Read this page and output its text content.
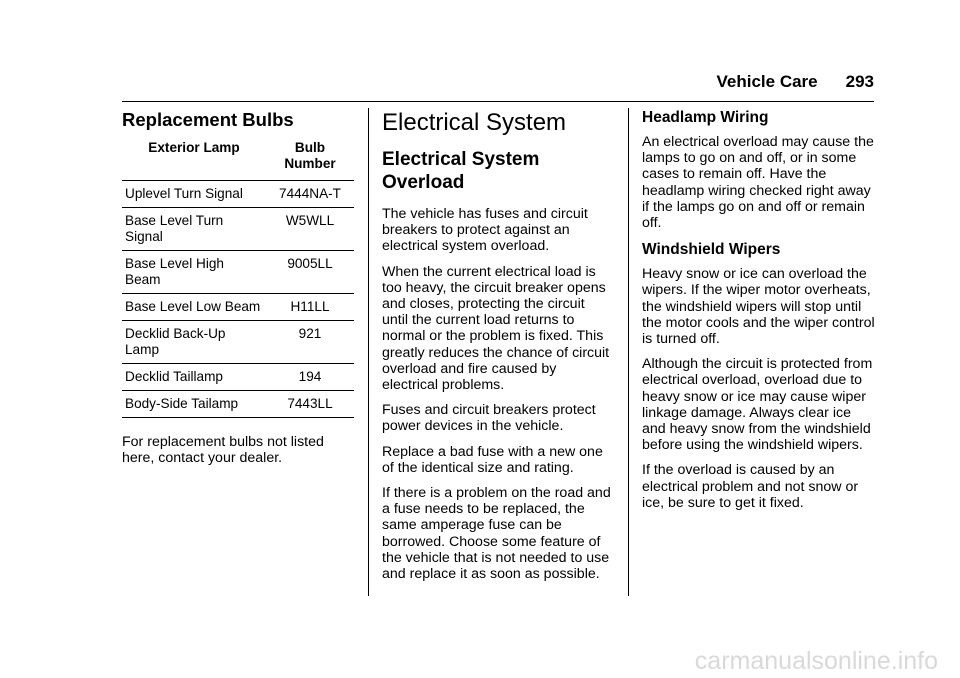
Vehicle Care 293
Replacement Bulbs
Exterior Lamp	Bulb Number
Uplevel Turn Signal	7444NA-T
Base Level Turn Signal	W5WLL
Base Level High Beam	9005LL
Base Level Low Beam	H11LL
Decklid Back-Up Lamp	921
Decklid Taillamp	194
Body-Side Tailamp	7443LL

For replacement bulbs not listed here, contact your dealer.

Electrical System
Electrical System Overload

The vehicle has fuses and circuit breakers to protect against an electrical system overload.

When the current electrical load is too heavy, the circuit breaker opens and closes, protecting the circuit until the current load returns to normal or the problem is fixed. This greatly reduces the chance of circuit overload and fire caused by electrical problems.

Fuses and circuit breakers protect power devices in the vehicle.

Replace a bad fuse with a new one of the identical size and rating.

If there is a problem on the road and a fuse needs to be replaced, the same amperage fuse can be borrowed. Choose some feature of the vehicle that is not needed to use and replace it as soon as possible.

Headlamp Wiring

An electrical overload may cause the lamps to go on and off, or in some cases to remain off. Have the headlamp wiring checked right away if the lamps go on and off or remain off.

Windshield Wipers

Heavy snow or ice can overload the wipers. If the wiper motor overheats, the windshield wipers will stop until the motor cools and the wiper control is turned off.

Although the circuit is protected from electrical overload, overload due to heavy snow or ice may cause wiper linkage damage. Always clear ice and heavy snow from the windshield before using the windshield wipers.

If the overload is caused by an electrical problem and not snow or ice, be sure to get it fixed.

carmanualsonline.info
